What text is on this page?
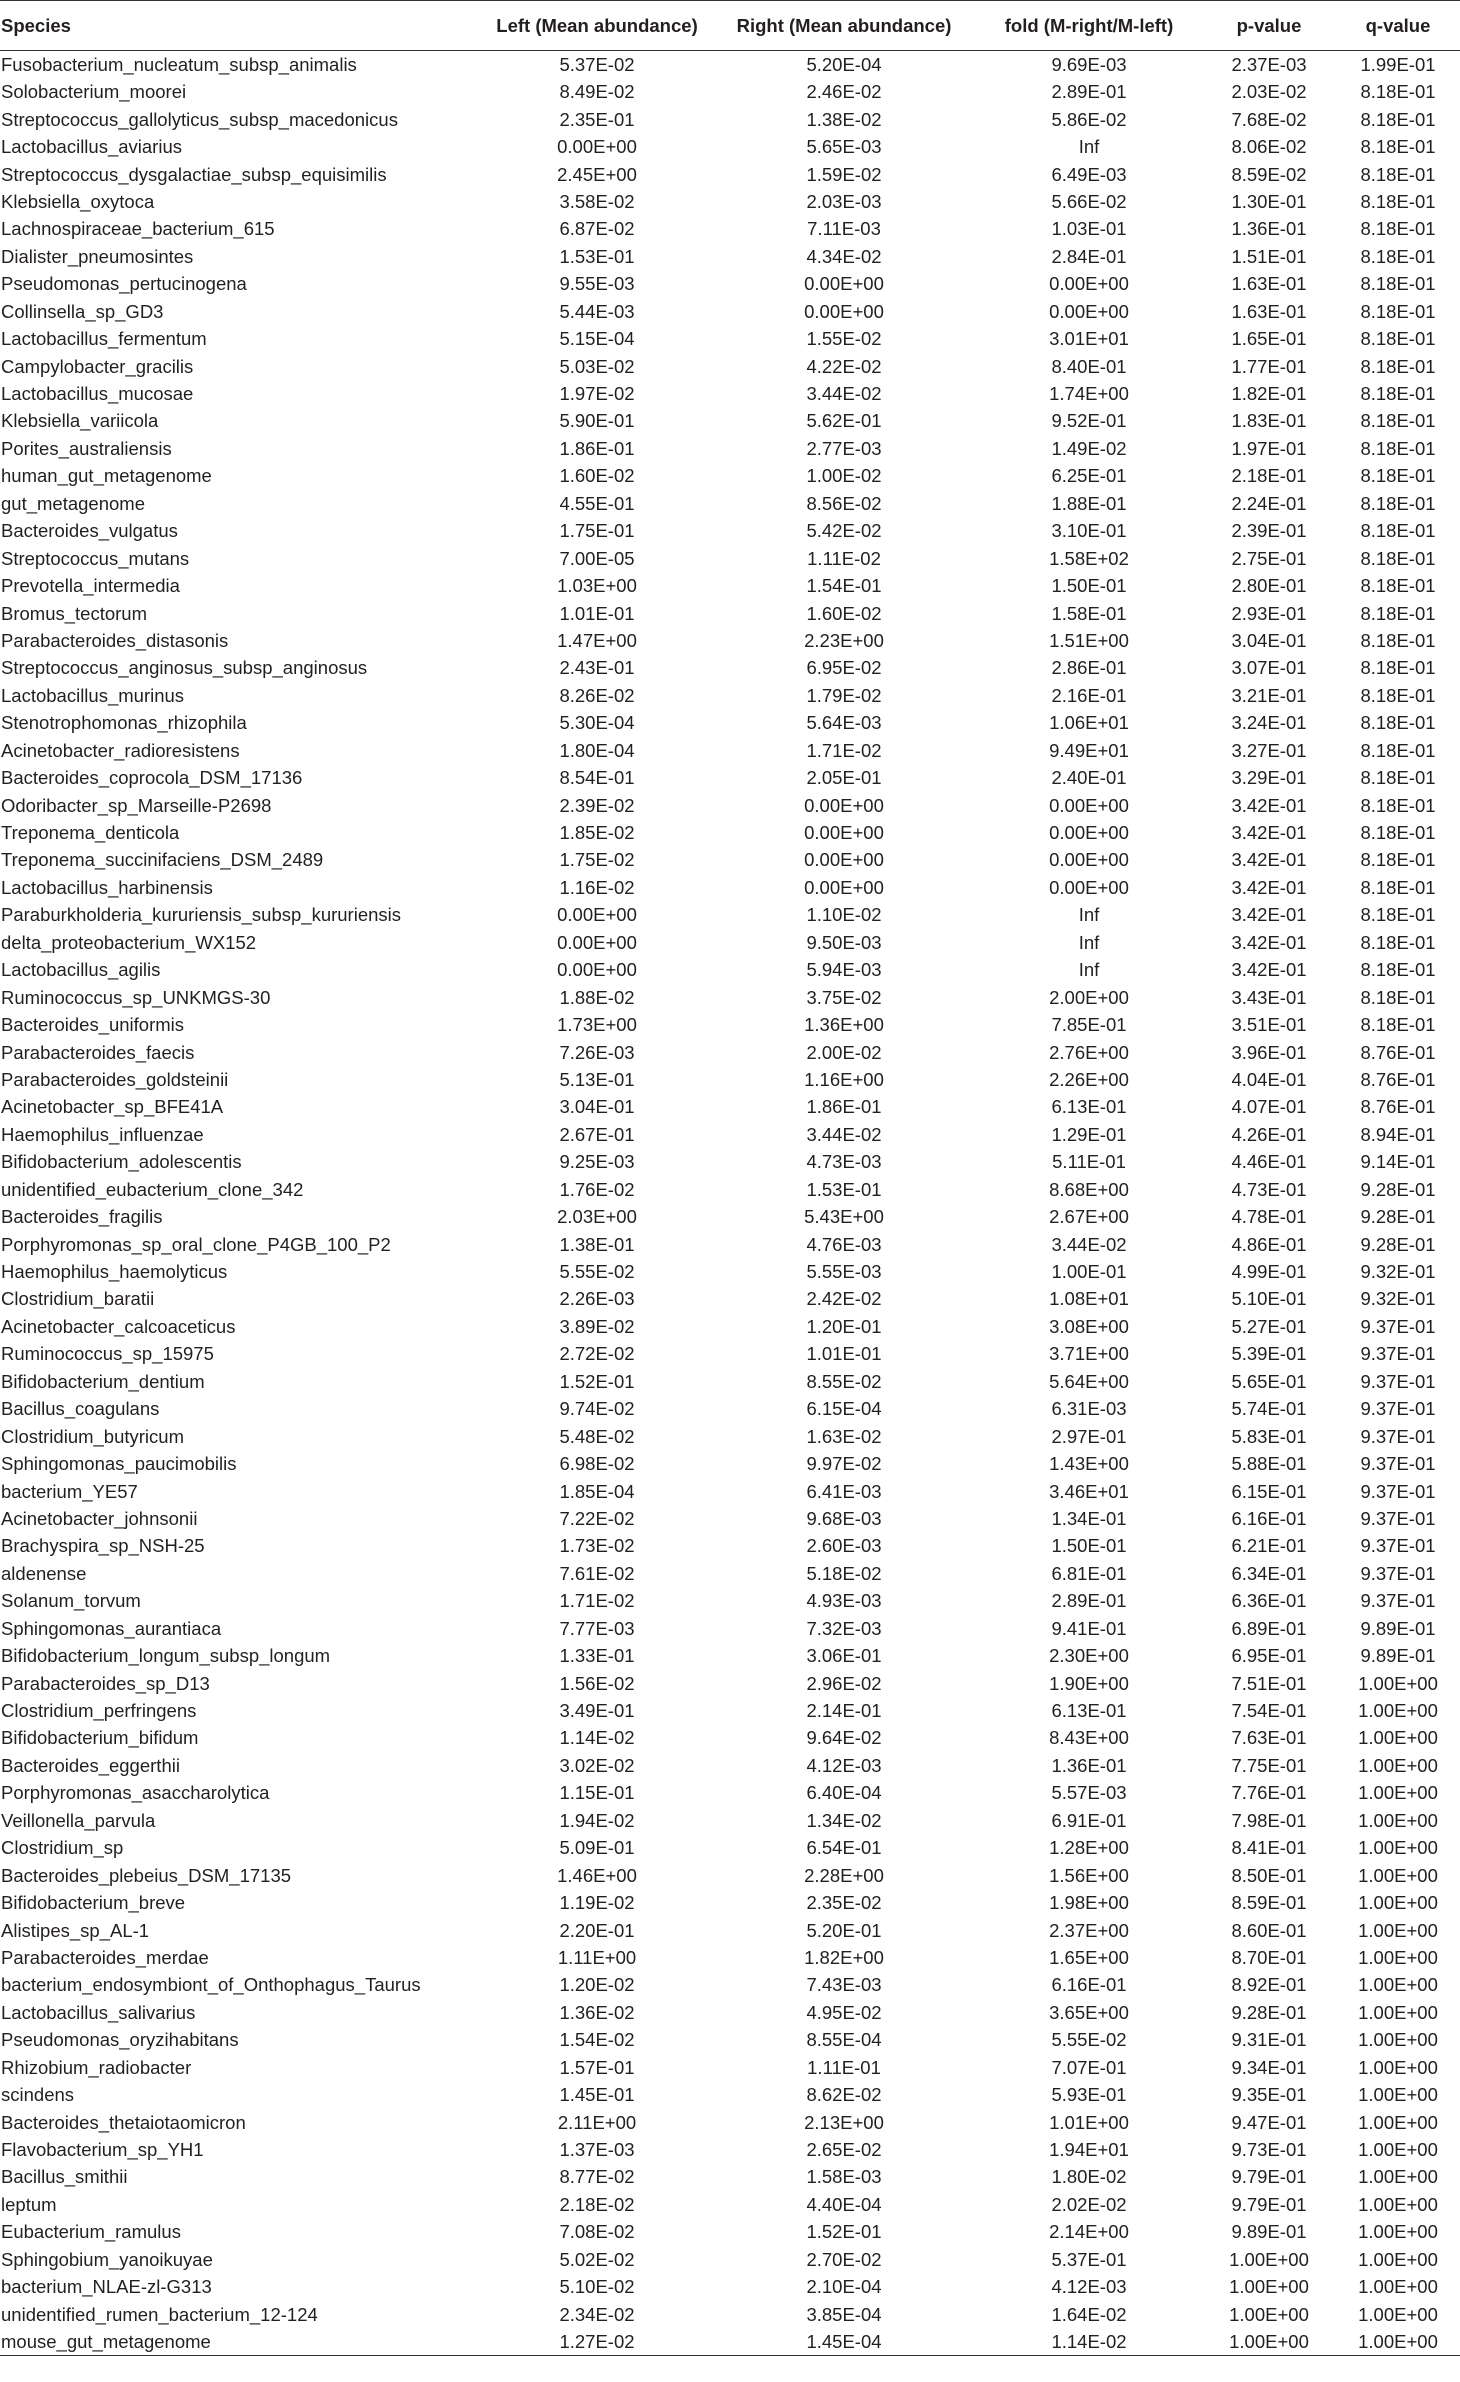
Species	Left (Mean abundance)	Right (Mean abundance)	fold (M-right/M-left)	p-value	q-value
Fusobacterium_nucleatum_subsp_animalis	5.37E-02	5.20E-04	9.69E-03	2.37E-03	1.99E-01
Solobacterium_moorei	8.49E-02	2.46E-02	2.89E-01	2.03E-02	8.18E-01
Streptococcus_gallolyticus_subsp_macedonicus	2.35E-01	1.38E-02	5.86E-02	7.68E-02	8.18E-01
Lactobacillus_aviarius	0.00E+00	5.65E-03	Inf	8.06E-02	8.18E-01
Streptococcus_dysgalactiae_subsp_equisimilis	2.45E+00	1.59E-02	6.49E-03	8.59E-02	8.18E-01
Klebsiella_oxytoca	3.58E-02	2.03E-03	5.66E-02	1.30E-01	8.18E-01
Lachnospiraceae_bacterium_615	6.87E-02	7.11E-03	1.03E-01	1.36E-01	8.18E-01
Dialister_pneumosintes	1.53E-01	4.34E-02	2.84E-01	1.51E-01	8.18E-01
Pseudomonas_pertucinogena	9.55E-03	0.00E+00	0.00E+00	1.63E-01	8.18E-01
Collinsella_sp_GD3	5.44E-03	0.00E+00	0.00E+00	1.63E-01	8.18E-01
Lactobacillus_fermentum	5.15E-04	1.55E-02	3.01E+01	1.65E-01	8.18E-01
Campylobacter_gracilis	5.03E-02	4.22E-02	8.40E-01	1.77E-01	8.18E-01
Lactobacillus_mucosae	1.97E-02	3.44E-02	1.74E+00	1.82E-01	8.18E-01
Klebsiella_variicola	5.90E-01	5.62E-01	9.52E-01	1.83E-01	8.18E-01
Porites_australiensis	1.86E-01	2.77E-03	1.49E-02	1.97E-01	8.18E-01
human_gut_metagenome	1.60E-02	1.00E-02	6.25E-01	2.18E-01	8.18E-01
gut_metagenome	4.55E-01	8.56E-02	1.88E-01	2.24E-01	8.18E-01
Bacteroides_vulgatus	1.75E-01	5.42E-02	3.10E-01	2.39E-01	8.18E-01
Streptococcus_mutans	7.00E-05	1.11E-02	1.58E+02	2.75E-01	8.18E-01
Prevotella_intermedia	1.03E+00	1.54E-01	1.50E-01	2.80E-01	8.18E-01
Bromus_tectorum	1.01E-01	1.60E-02	1.58E-01	2.93E-01	8.18E-01
Parabacteroides_distasonis	1.47E+00	2.23E+00	1.51E+00	3.04E-01	8.18E-01
Streptococcus_anginosus_subsp_anginosus	2.43E-01	6.95E-02	2.86E-01	3.07E-01	8.18E-01
Lactobacillus_murinus	8.26E-02	1.79E-02	2.16E-01	3.21E-01	8.18E-01
Stenotrophomonas_rhizophila	5.30E-04	5.64E-03	1.06E+01	3.24E-01	8.18E-01
Acinetobacter_radioresistens	1.80E-04	1.71E-02	9.49E+01	3.27E-01	8.18E-01
Bacteroides_coprocola_DSM_17136	8.54E-01	2.05E-01	2.40E-01	3.29E-01	8.18E-01
Odoribacter_sp_Marseille-P2698	2.39E-02	0.00E+00	0.00E+00	3.42E-01	8.18E-01
Treponema_denticola	1.85E-02	0.00E+00	0.00E+00	3.42E-01	8.18E-01
Treponema_succinifaciens_DSM_2489	1.75E-02	0.00E+00	0.00E+00	3.42E-01	8.18E-01
Lactobacillus_harbinensis	1.16E-02	0.00E+00	0.00E+00	3.42E-01	8.18E-01
Paraburkholderia_kururiensis_subsp_kururiensis	0.00E+00	1.10E-02	Inf	3.42E-01	8.18E-01
delta_proteobacterium_WX152	0.00E+00	9.50E-03	Inf	3.42E-01	8.18E-01
Lactobacillus_agilis	0.00E+00	5.94E-03	Inf	3.42E-01	8.18E-01
Ruminococcus_sp_UNKMGS-30	1.88E-02	3.75E-02	2.00E+00	3.43E-01	8.18E-01
Bacteroides_uniformis	1.73E+00	1.36E+00	7.85E-01	3.51E-01	8.18E-01
Parabacteroides_faecis	7.26E-03	2.00E-02	2.76E+00	3.96E-01	8.76E-01
Parabacteroides_goldsteinii	5.13E-01	1.16E+00	2.26E+00	4.04E-01	8.76E-01
Acinetobacter_sp_BFE41A	3.04E-01	1.86E-01	6.13E-01	4.07E-01	8.76E-01
Haemophilus_influenzae	2.67E-01	3.44E-02	1.29E-01	4.26E-01	8.94E-01
Bifidobacterium_adolescentis	9.25E-03	4.73E-03	5.11E-01	4.46E-01	9.14E-01
unidentified_eubacterium_clone_342	1.76E-02	1.53E-01	8.68E+00	4.73E-01	9.28E-01
Bacteroides_fragilis	2.03E+00	5.43E+00	2.67E+00	4.78E-01	9.28E-01
Porphyromonas_sp_oral_clone_P4GB_100_P2	1.38E-01	4.76E-03	3.44E-02	4.86E-01	9.28E-01
Haemophilus_haemolyticus	5.55E-02	5.55E-03	1.00E-01	4.99E-01	9.32E-01
Clostridium_baratii	2.26E-03	2.42E-02	1.08E+01	5.10E-01	9.32E-01
Acinetobacter_calcoaceticus	3.89E-02	1.20E-01	3.08E+00	5.27E-01	9.37E-01
Ruminococcus_sp_15975	2.72E-02	1.01E-01	3.71E+00	5.39E-01	9.37E-01
Bifidobacterium_dentium	1.52E-01	8.55E-02	5.64E+00	5.65E-01	9.37E-01
Bacillus_coagulans	9.74E-02	6.15E-04	6.31E-03	5.74E-01	9.37E-01
Clostridium_butyricum	5.48E-02	1.63E-02	2.97E-01	5.83E-01	9.37E-01
Sphingomonas_paucimobilis	6.98E-02	9.97E-02	1.43E+00	5.88E-01	9.37E-01
bacterium_YE57	1.85E-04	6.41E-03	3.46E+01	6.15E-01	9.37E-01
Acinetobacter_johnsonii	7.22E-02	9.68E-03	1.34E-01	6.16E-01	9.37E-01
Brachyspira_sp_NSH-25	1.73E-02	2.60E-03	1.50E-01	6.21E-01	9.37E-01
aldenense	7.61E-02	5.18E-02	6.81E-01	6.34E-01	9.37E-01
Solanum_torvum	1.71E-02	4.93E-03	2.89E-01	6.36E-01	9.37E-01
Sphingomonas_aurantiaca	7.77E-03	7.32E-03	9.41E-01	6.89E-01	9.89E-01
Bifidobacterium_longum_subsp_longum	1.33E-01	3.06E-01	2.30E+00	6.95E-01	9.89E-01
Parabacteroides_sp_D13	1.56E-02	2.96E-02	1.90E+00	7.51E-01	1.00E+00
Clostridium_perfringens	3.49E-01	2.14E-01	6.13E-01	7.54E-01	1.00E+00
Bifidobacterium_bifidum	1.14E-02	9.64E-02	8.43E+00	7.63E-01	1.00E+00
Bacteroides_eggerthii	3.02E-02	4.12E-03	1.36E-01	7.75E-01	1.00E+00
Porphyromonas_asaccharolytica	1.15E-01	6.40E-04	5.57E-03	7.76E-01	1.00E+00
Veillonella_parvula	1.94E-02	1.34E-02	6.91E-01	7.98E-01	1.00E+00
Clostridium_sp	5.09E-01	6.54E-01	1.28E+00	8.41E-01	1.00E+00
Bacteroides_plebeius_DSM_17135	1.46E+00	2.28E+00	1.56E+00	8.50E-01	1.00E+00
Bifidobacterium_breve	1.19E-02	2.35E-02	1.98E+00	8.59E-01	1.00E+00
Alistipes_sp_AL-1	2.20E-01	5.20E-01	2.37E+00	8.60E-01	1.00E+00
Parabacteroides_merdae	1.11E+00	1.82E+00	1.65E+00	8.70E-01	1.00E+00
bacterium_endosymbiont_of_Onthophagus_Taurus	1.20E-02	7.43E-03	6.16E-01	8.92E-01	1.00E+00
Lactobacillus_salivarius	1.36E-02	4.95E-02	3.65E+00	9.28E-01	1.00E+00
Pseudomonas_oryzihabitans	1.54E-02	8.55E-04	5.55E-02	9.31E-01	1.00E+00
Rhizobium_radiobacter	1.57E-01	1.11E-01	7.07E-01	9.34E-01	1.00E+00
scindens	1.45E-01	8.62E-02	5.93E-01	9.35E-01	1.00E+00
Bacteroides_thetaiotaomicron	2.11E+00	2.13E+00	1.01E+00	9.47E-01	1.00E+00
Flavobacterium_sp_YH1	1.37E-03	2.65E-02	1.94E+01	9.73E-01	1.00E+00
Bacillus_smithii	8.77E-02	1.58E-03	1.80E-02	9.79E-01	1.00E+00
leptum	2.18E-02	4.40E-04	2.02E-02	9.79E-01	1.00E+00
Eubacterium_ramulus	7.08E-02	1.52E-01	2.14E+00	9.89E-01	1.00E+00
Sphingobium_yanoikuyae	5.02E-02	2.70E-02	5.37E-01	1.00E+00	1.00E+00
bacterium_NLAE-zl-G313	5.10E-02	2.10E-04	4.12E-03	1.00E+00	1.00E+00
unidentified_rumen_bacterium_12-124	2.34E-02	3.85E-04	1.64E-02	1.00E+00	1.00E+00
mouse_gut_metagenome	1.27E-02	1.45E-04	1.14E-02	1.00E+00	1.00E+00
